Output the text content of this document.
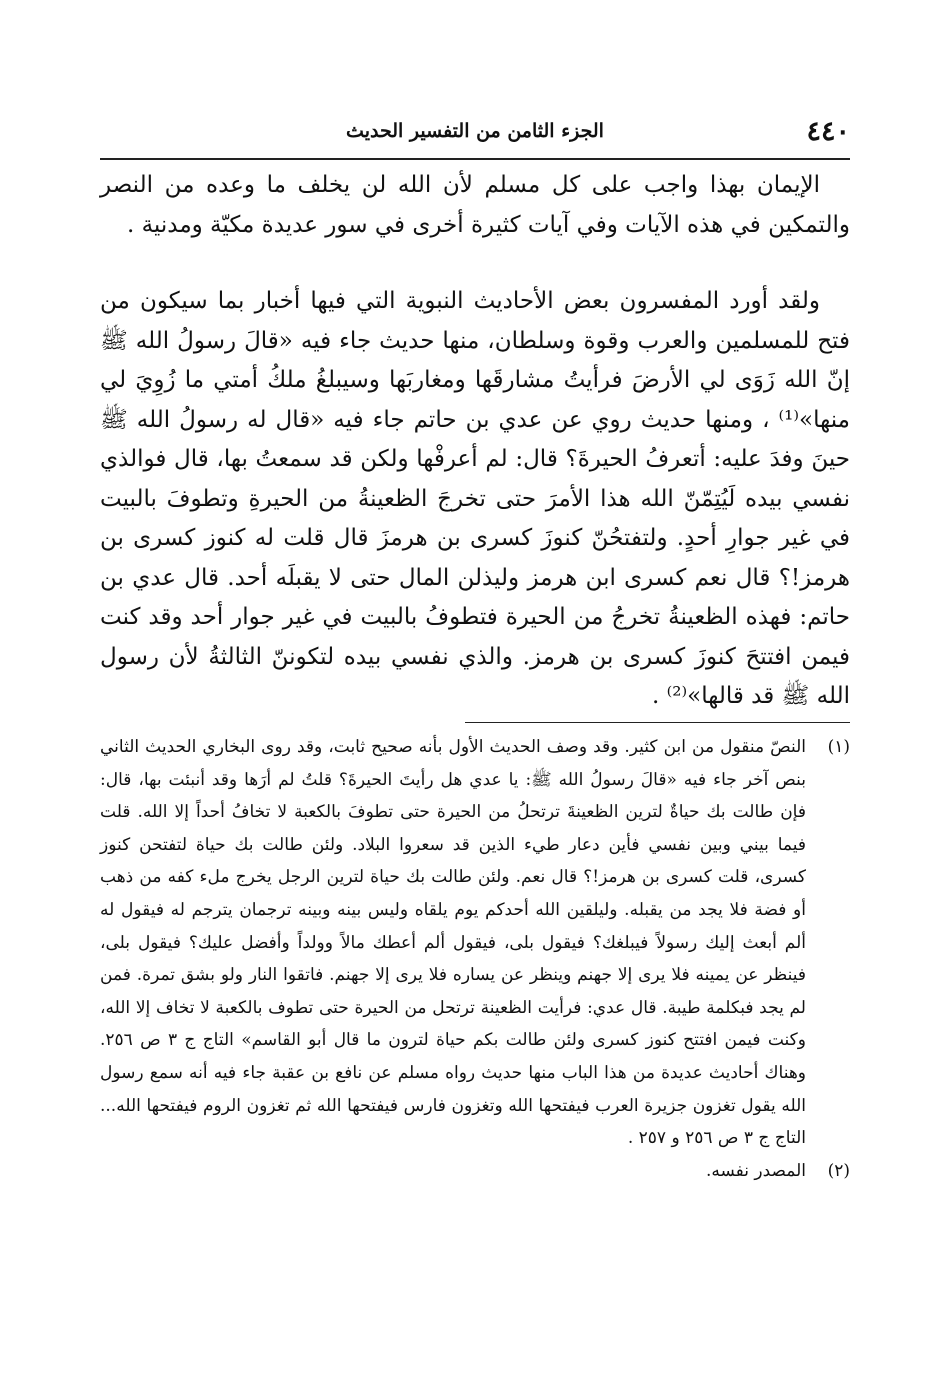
٤٤٠
الجزء الثامن من التفسير الحديث

الإيمان بهذا واجب على كل مسلم لأن الله لن يخلف ما وعده من النصر والتمكين في هذه الآيات وفي آيات كثيرة أخرى في سور عديدة مكيّة ومدنية .

ولقد أورد المفسرون بعض الأحاديث النبوية التي فيها أخبار بما سيكون من فتح للمسلمين والعرب وقوة وسلطان، منها حديث جاء فيه «قالَ رسولُ الله ﷺ إنّ الله زَوَى لي الأرضَ فرأيتُ مشارقَها ومغاربَها وسيبلغُ ملكُ أمتي ما زُوِيَ لي منها»⁽¹⁾ ، ومنها حديث روي عن عدي بن حاتم جاء فيه «قال له رسولُ الله ﷺ حينَ وفدَ عليه: أتعرفُ الحيرةَ؟ قال: لم أعرفْها ولكن قد سمعتُ بها، قال فوالذي نفسي بيده لَيُتِمّنّ الله هذا الأمرَ حتى تخرجَ الظعينةُ من الحيرةِ وتطوفَ بالبيت في غير جوارِ أحدٍ. ولتفتحُنّ كنوزَ كسرى بن هرمزَ قال قلت له كنوز كسرى بن هرمز!؟ قال نعم كسرى ابن هرمز وليذلن المال حتى لا يقبلَه أحد. قال عدي بن حاتم: فهذه الظعينةُ تخرجُ من الحيرة فتطوفُ بالبيت في غير جوار أحد وقد كنت فيمن افتتحَ كنوزَ كسرى بن هرمز. والذي نفسي بيده لتكوننّ الثالثةُ لأن رسول الله ﷺ قد قالها»⁽²⁾ .

(١)
النصّ منقول من ابن كثير. وقد وصف الحديث الأول بأنه صحيح ثابت، وقد روى البخاري الحديث الثاني بنص آخر جاء فيه «قالَ رسولُ الله ﷺ: يا عدي هل رأيتَ الحيرةَ؟ قلتُ لم أرَها وقد أنبئت بها، قال: فإن طالت بك حياةٌ لترين الظعينةَ ترتحلُ من الحيرة حتى تطوفَ بالكعبة لا تخافُ أحداً إلا الله. قلت فيما بيني وبين نفسي فأين دعار طيء الذين قد سعروا البلاد. ولئن طالت بك حياة لتفتحن كنوز كسرى، قلت كسرى بن هرمز!؟ قال نعم. ولئن طالت بك حياة لترين الرجل يخرج ملء كفه من ذهب أو فضة فلا يجد من يقبله. وليلقين الله أحدكم يوم يلقاه وليس بينه وبينه ترجمان يترجم له فيقول له ألم أبعث إليك رسولاً فيبلغك؟ فيقول بلى، فيقول ألم أعطك مالاً وولداً وأفضل عليك؟ فيقول بلى، فينظر عن يمينه فلا يرى إلا جهنم وينظر عن يساره فلا يرى إلا جهنم. فاتقوا النار ولو بشق تمرة. فمن لم يجد فبكلمة طيبة. قال عدي: فرأيت الظعينة ترتحل من الحيرة حتى تطوف بالكعبة لا تخاف إلا الله، وكنت فيمن افتتح كنوز كسرى ولئن طالت بكم حياة لترون ما قال أبو القاسم» التاج ج ٣ ص ٢٥٦. وهناك أحاديث عديدة من هذا الباب منها حديث رواه مسلم عن نافع بن عقبة جاء فيه أنه سمع رسول الله يقول تغزون جزيرة العرب فيفتحها الله وتغزون فارس فيفتحها الله ثم تغزون الروم فيفتحها الله... التاج ج ٣ ص ٢٥٦ و ٢٥٧ .
(٢)
المصدر نفسه.
